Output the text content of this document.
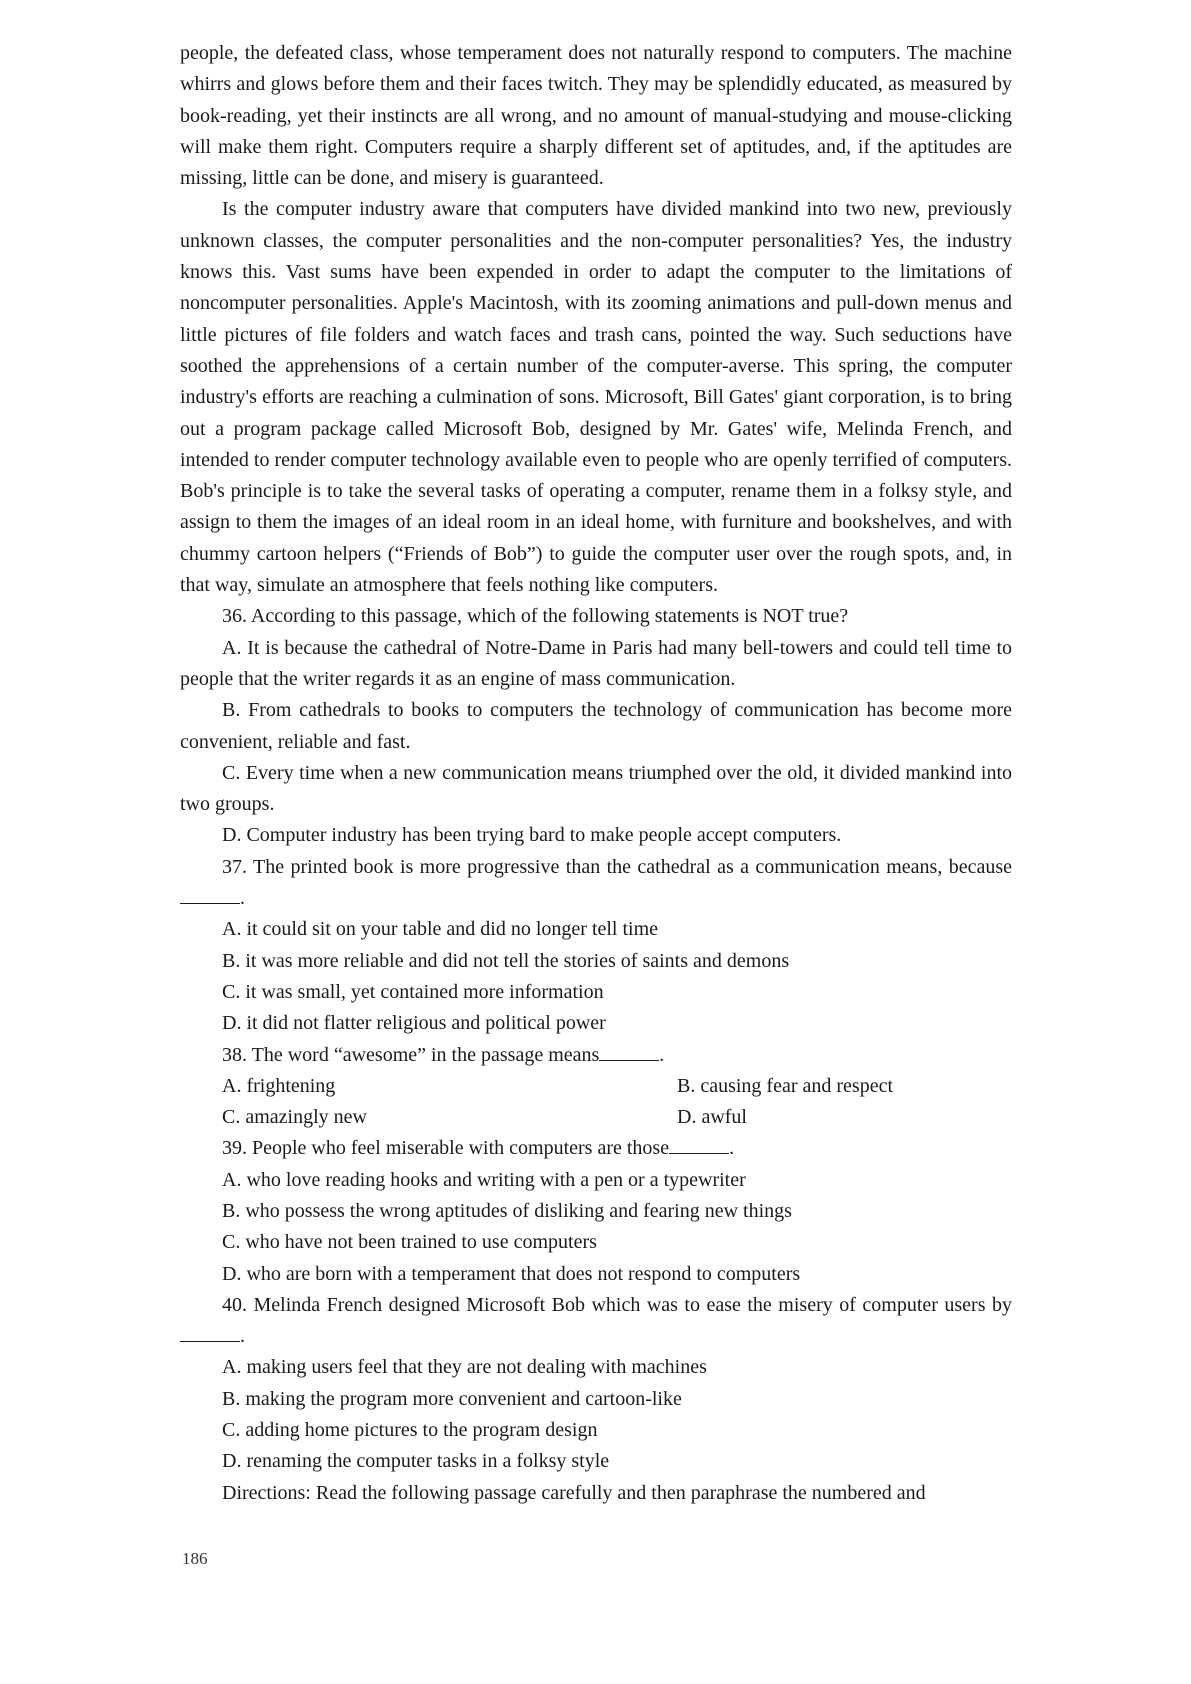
people, the defeated class, whose temperament does not naturally respond to computers. The machine whirrs and glows before them and their faces twitch. They may be splendidly educated, as measured by book-reading, yet their instincts are all wrong, and no amount of manual-studying and mouse-clicking will make them right. Computers require a sharply different set of aptitudes, and, if the aptitudes are missing, little can be done, and misery is guaranteed.

Is the computer industry aware that computers have divided mankind into two new, previously unknown classes, the computer personalities and the non-computer personalities? Yes, the industry knows this. Vast sums have been expended in order to adapt the computer to the limitations of noncomputer personalities. Apple's Macintosh, with its zooming animations and pull-down menus and little pictures of file folders and watch faces and trash cans, pointed the way. Such seductions have soothed the apprehensions of a certain number of the computer-averse. This spring, the computer industry's efforts are reaching a culmination of sons. Microsoft, Bill Gates' giant corporation, is to bring out a program package called Microsoft Bob, designed by Mr. Gates' wife, Melinda French, and intended to render computer technology available even to people who are openly terrified of computers. Bob's principle is to take the several tasks of operating a computer, rename them in a folksy style, and assign to them the images of an ideal room in an ideal home, with furniture and bookshelves, and with chummy cartoon helpers (“Friends of Bob”) to guide the computer user over the rough spots, and, in that way, simulate an atmosphere that feels nothing like computers.

36. According to this passage, which of the following statements is NOT true?

A. It is because the cathedral of Notre-Dame in Paris had many bell-towers and could tell time to people that the writer regards it as an engine of mass communication.

B. From cathedrals to books to computers the technology of communication has become more convenient, reliable and fast.

C. Every time when a new communication means triumphed over the old, it divided mankind into two groups.

D. Computer industry has been trying bard to make people accept computers.

37. The printed book is more progressive than the cathedral as a communication means, because.

A. it could sit on your table and did no longer tell time

B. it was more reliable and did not tell the stories of saints and demons

C. it was small, yet contained more information

D. it did not flatter religious and political power

38. The word “awesome” in the passage means	.

A. frightening	B. causing fear and respect
C. amazingly new	D. awful

39. People who feel miserable with computers are those	.

A. who love reading hooks and writing with a pen or a typewriter

B. who possess the wrong aptitudes of disliking and fearing new things

C. who have not been trained to use computers

D. who are born with a temperament that does not respond to computers

40. Melinda French designed Microsoft Bob which was to ease the misery of computer users by.

A. making users feel that they are not dealing with machines

B. making the program more convenient and cartoon-like

C. adding home pictures to the program design

D. renaming the computer tasks in a folksy style

Directions: Read the following passage carefully and then paraphrase the numbered and

186
